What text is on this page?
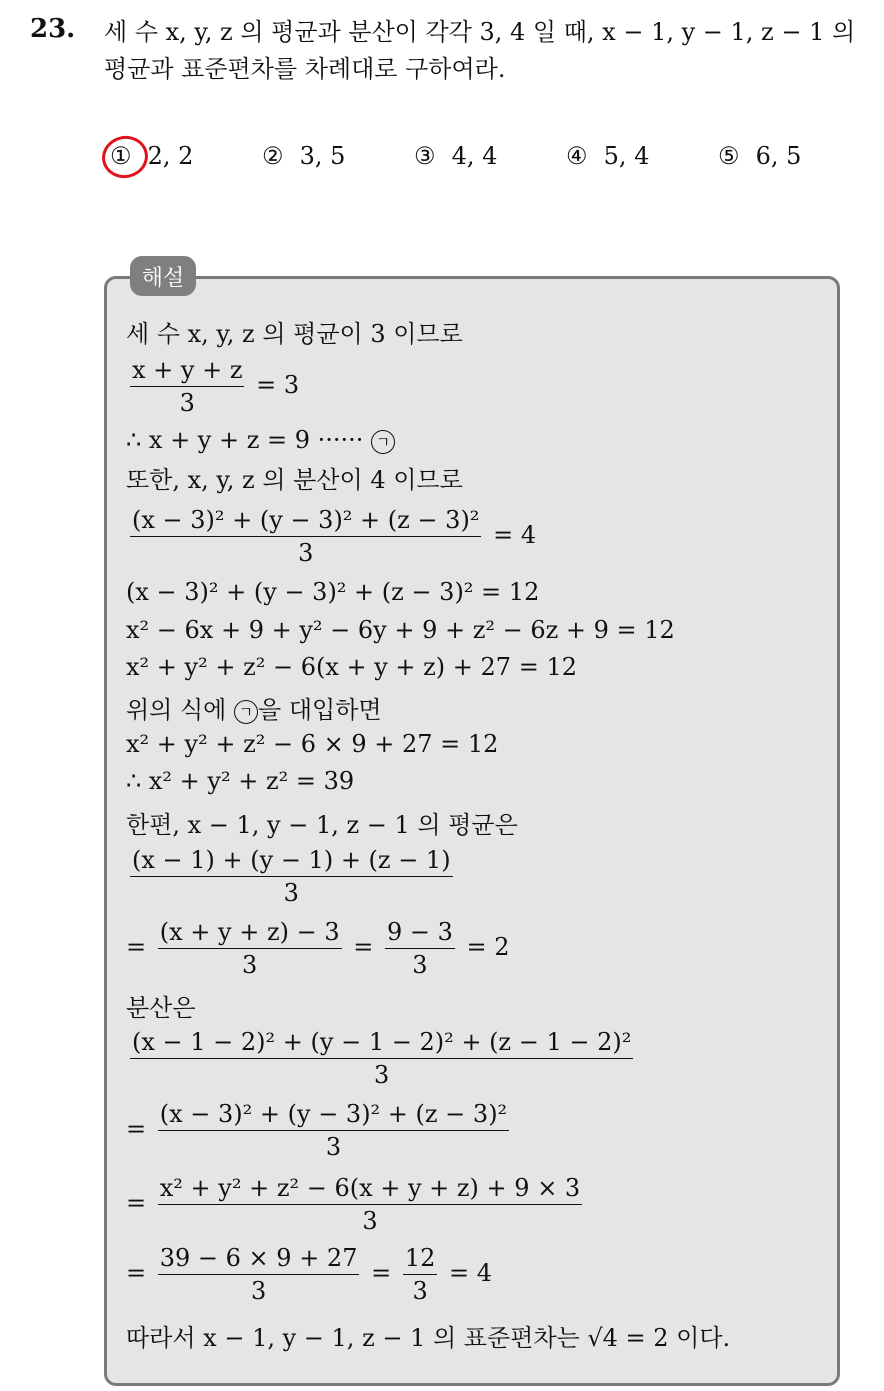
23. 세 수 x, y, z 의 평균과 분산이 각각 3, 4 일 때, x − 1, y − 1, z − 1 의 평균과 표준편차를 차례대로 구하여라.
① 2, 2	② 3, 5	③ 4, 4	④ 5, 4	⑤ 6, 5
해설
세 수 x, y, z 의 평균이 3 이므로
$\frac{x + y + z}{3} = 3$
∴ x + y + z = 9 ······ ㄱ
또한, x, y, z 의 분산이 4 이므로
$\frac{\text{(x − 3)² + (y − 3)² + (z − 3)²}}{3} = 4$
(x − 3)² + (y − 3)² + (z − 3)² = 12
x² − 6x + 9 + y² − 6y + 9 + z² − 6z + 9 = 12
x² + y² + z² − 6(x + y + z) + 27 = 12
위의 식에 ㄱ 을 대입하면
x² + y² + z² − 6 × 9 + 27 = 12
∴ x² + y² + z² = 39
한편, x − 1, y − 1, z − 1 의 평균은
$\frac{(x - 1) + (y - 1) + (z - 1)}{3}$
= $\frac{(x + y + z) - 3}{3} = \frac{9 - 3}{3} = 2$
분산은
$\frac{\text{(x − 1 − 2)² + (y − 1 − 2)² + (z − 1 − 2)²}}{3}$
= $\frac{\text{(x − 3)² + (y − 3)² + (z − 3)²}}{3}$
= $\frac{\text{x² + y² + z² − 6(x + y + z) + 9 × 3}}{3}$
= $\frac{39 - 6 \times 9 + 27}{3} = \frac{12}{3} = 4$
따라서 x − 1, y − 1, z − 1 의 표준편차는 √4 = 2 이다.
